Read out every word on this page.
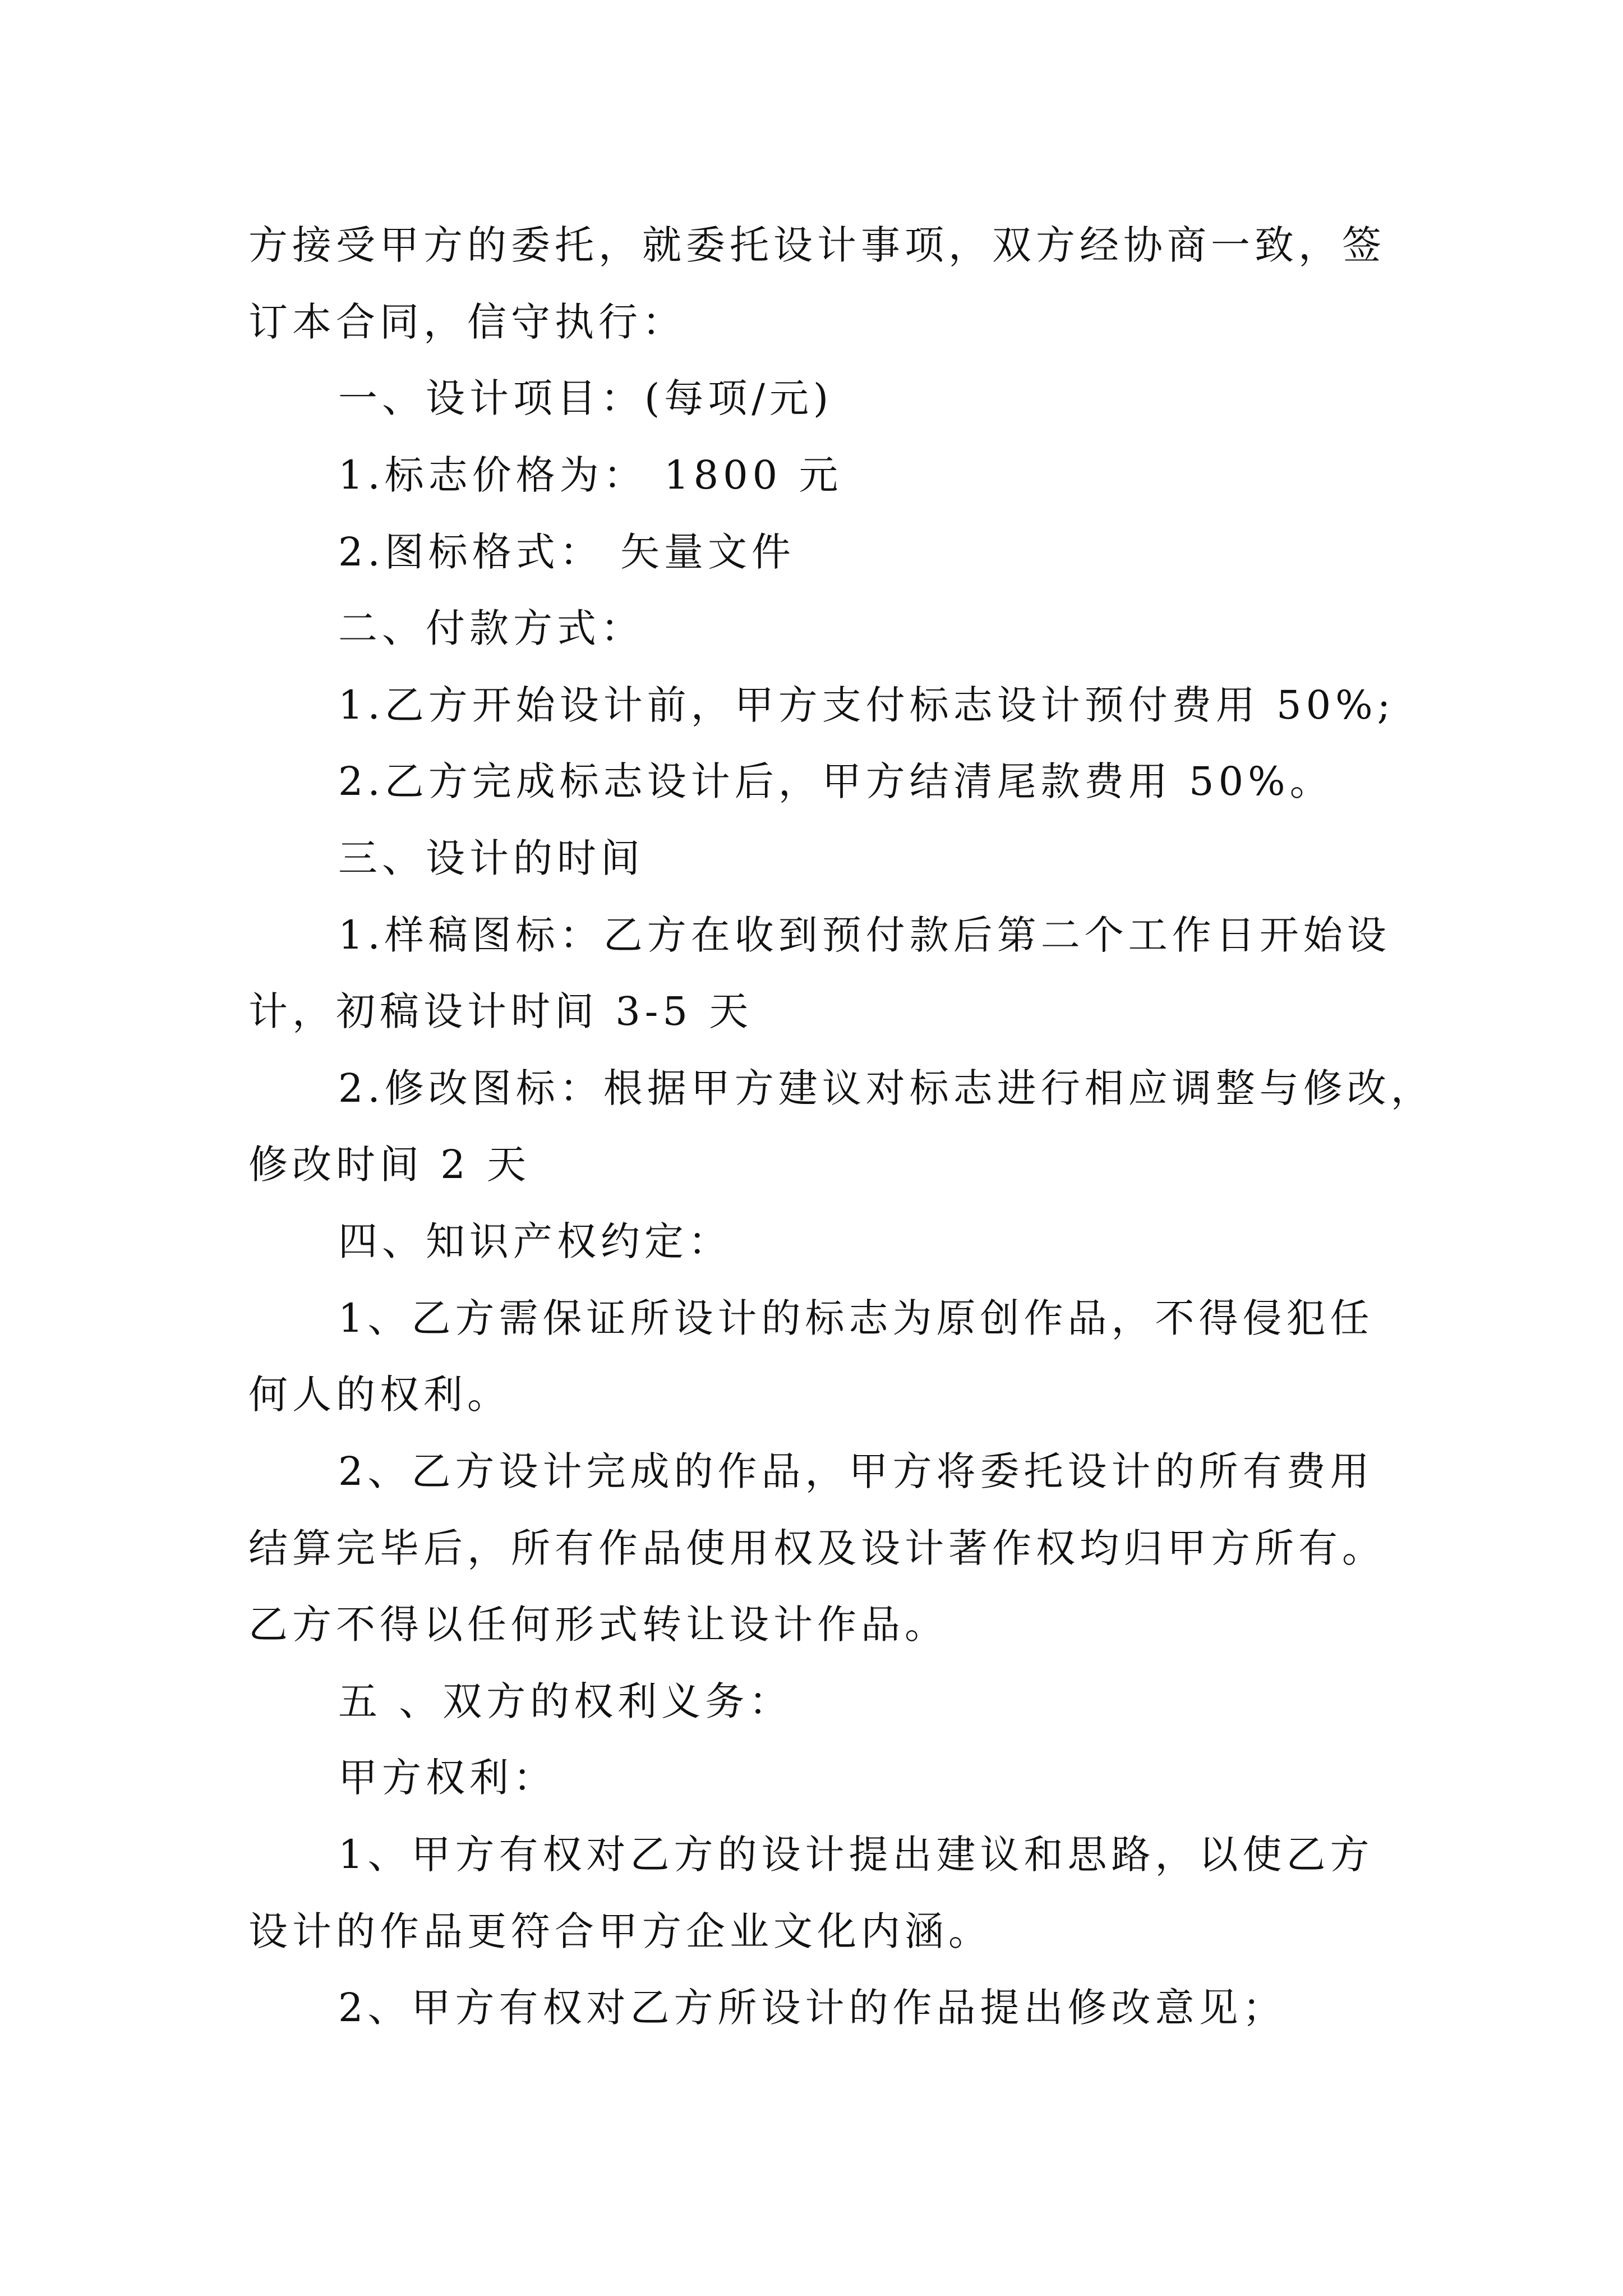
方接受甲方的委托，就委托设计事项，双方经协商一致，签
订本合同，信守执行：
一、设计项目：(每项/元)
1.标志价格为： 1800 元
2.图标格式： 矢量文件
二、付款方式：
1.乙方开始设计前，甲方支付标志设计预付费用 50%;
2.乙方完成标志设计后，甲方结清尾款费用 50%。
三、设计的时间
1.样稿图标：乙方在收到预付款后第二个工作日开始设
计，初稿设计时间 3-5 天
2.修改图标：根据甲方建议对标志进行相应调整与修改，
修改时间 2 天
四、知识产权约定：
1、乙方需保证所设计的标志为原创作品，不得侵犯任
何人的权利。
2、乙方设计完成的作品，甲方将委托设计的所有费用
结算完毕后，所有作品使用权及设计著作权均归甲方所有。
乙方不得以任何形式转让设计作品。
五 、双方的权利义务：
甲方权利：
1、甲方有权对乙方的设计提出建议和思路，以使乙方
设计的作品更符合甲方企业文化内涵。
2、甲方有权对乙方所设计的作品提出修改意见；
